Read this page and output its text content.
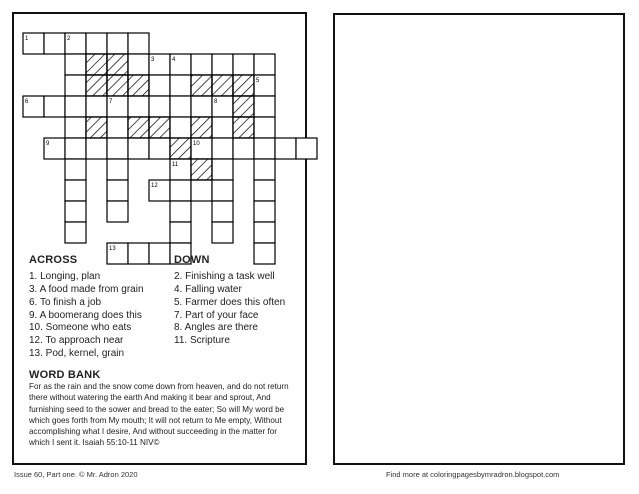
1	2
3	4
5
6	7	8
9	10
11
12
13
ACROSS	DOWN
1. Longing, plan
3. A food made from grain
6. To finish a job
9. A boomerang does this
10. Someone who eats
12. To approach near
13. Pod, kernel, grain
2. Finishing a task well
4. Falling water
5. Farmer does this often
7. Part of your face
8. Angles are there
11. Scripture
WORD BANK
For as the rain and the snow come down from heaven, and do not return there without watering the earth And making it bear and sprout, And furnishing seed to the sower and bread to the eater; So will My word be which goes forth from My mouth; It will not return to Me empty, Without accomplishing what I desire, And without succeeding in the matter for which I sent it. Isaiah 55:10-11 NIV©
Issue 60, Part one. © Mr. Adron 2020	Find more at coloringpagesbymradron.blogspot.com
